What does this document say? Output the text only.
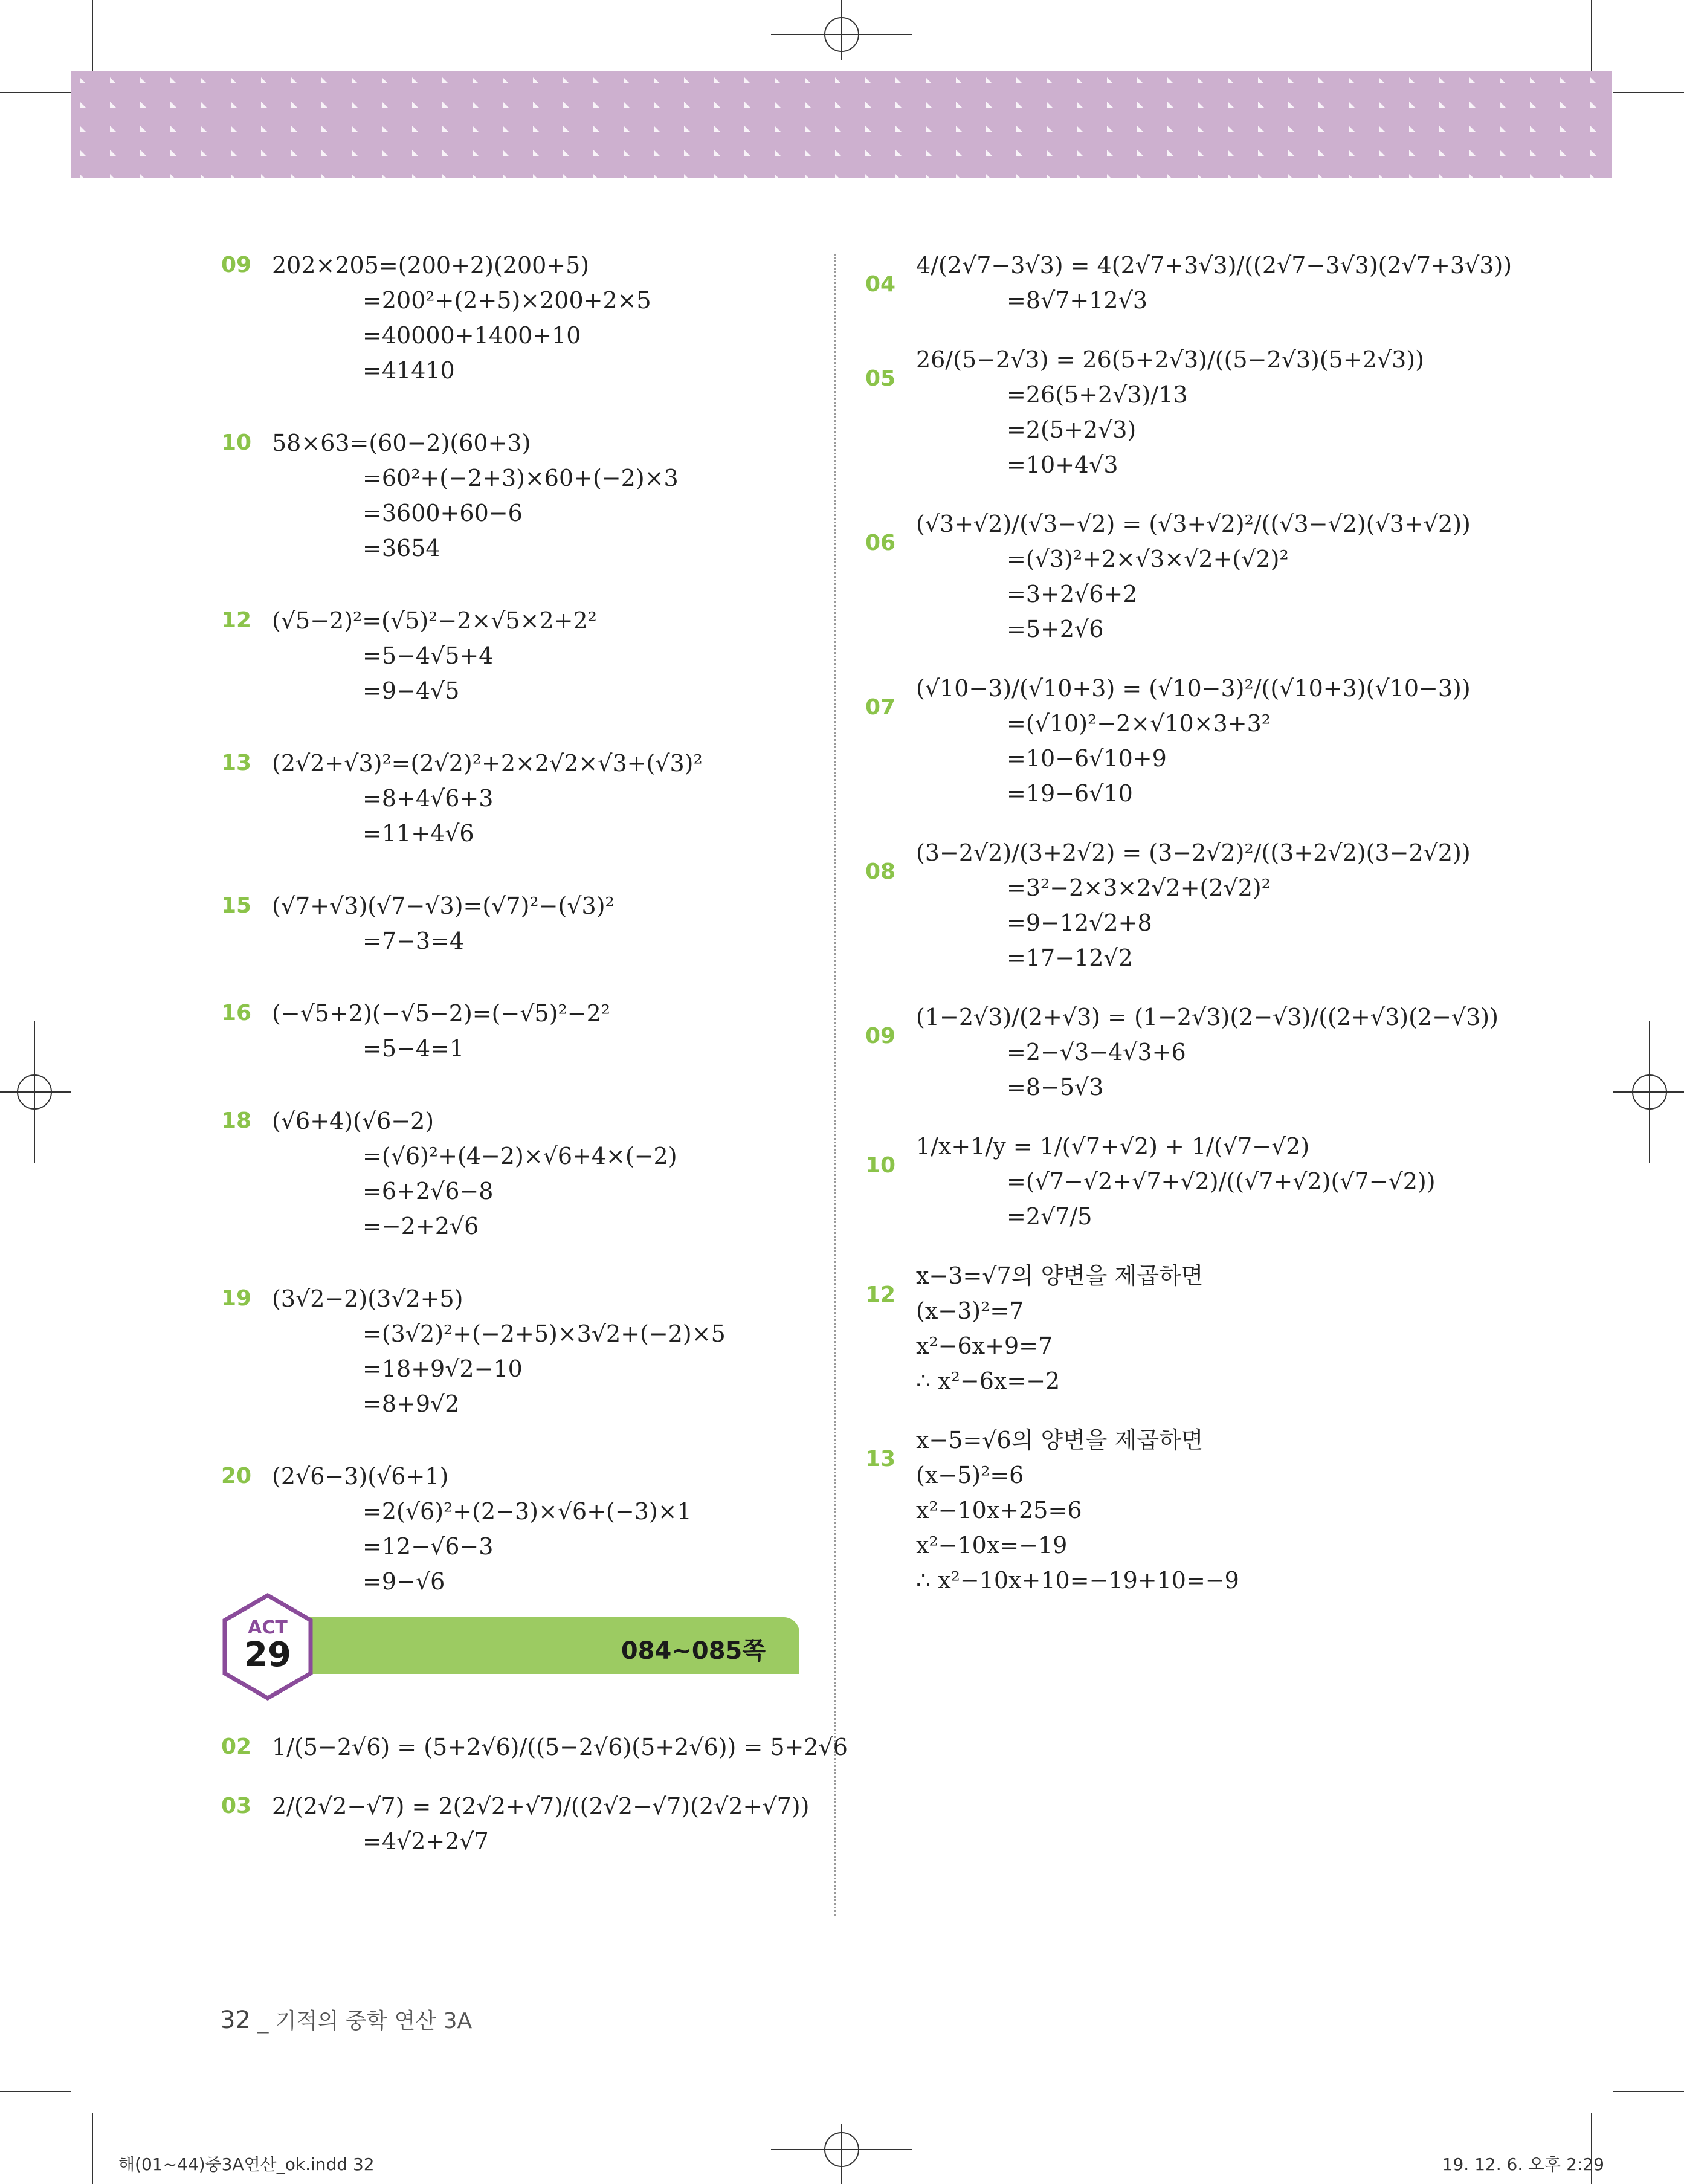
09 202×205=(200+2)(200+5)
=200²+(2+5)×200+2×5
=40000+1400+10
=41410
10 58×63=(60−2)(60+3)
=60²+(−2+3)×60+(−2)×3
=3600+60−6
=3654
12 (√5−2)²=(√5)²−2×√5×2+2²
=5−4√5+4
=9−4√5
13 (2√2+√3)²=(2√2)²+2×2√2×√3+(√3)²
=8+4√6+3
=11+4√6
15 (√7+√3)(√7−√3)=(√7)²−(√3)²
=7−3=4
16 (−√5+2)(−√5−2)=(−√5)²−2²
=5−4=1
18 (√6+4)(√6−2)
=(√6)²+(4−2)×√6+4×(−2)
=6+2√6−8
=−2+2√6
19 (3√2−2)(3√2+5)
=(3√2)²+(−2+5)×3√2+(−2)×5
=18+9√2−10
=8+9√2
20 (2√6−3)(√6+1)
=2(√6)²+(2−3)×√6+(−3)×1
=12−√6−3
=9−√6
04
4/(2√7−3√3) = 4(2√7+3√3)/((2√7−3√3)(2√7+3√3))
=8√7+12√3
05
26/(5−2√3) = 26(5+2√3)/((5−2√3)(5+2√3))
=26(5+2√3)/13
=2(5+2√3)
=10+4√3
06
(√3+√2)/(√3−√2) = (√3+√2)²/((√3−√2)(√3+√2))
=(√3)²+2×√3×√2+(√2)²
=3+2√6+2
=5+2√6
07
(√10−3)/(√10+3) = (√10−3)²/((√10+3)(√10−3))
=(√10)²−2×√10×3+3²
=10−6√10+9
=19−6√10
08
(3−2√2)/(3+2√2) = (3−2√2)²/((3+2√2)(3−2√2))
=3²−2×3×2√2+(2√2)²
=9−12√2+8
=17−12√2
09
(1−2√3)/(2+√3) = (1−2√3)(2−√3)/((2+√3)(2−√3))
=2−√3−4√3+6
=8−5√3
10
1/x+1/y = 1/(√7+√2) + 1/(√7−√2)
=(√7−√2+√7+√2)/((√7+√2)(√7−√2))
=2√7/5
12
x−3=√7의 양변을 제곱하면
(x−3)²=7
x²−6x+9=7
∴ x²−6x=−2
13
x−5=√6의 양변을 제곱하면
(x−5)²=6
x²−10x+25=6
x²−10x=−19
∴ x²−10x+10=−19+10=−9
084~085쪽
ACT
29
02 1/(5−2√6) = (5+2√6)/((5−2√6)(5+2√6)) = 5+2√6
03 2/(2√2−√7) = 2(2√2+√7)/((2√2−√7)(2√2+√7))
=4√2+2√7
32 _ 기적의 중학 연산 3A
해(01~44)중3A연산_ok.indd 32	19. 12. 6. 오후 2:29
